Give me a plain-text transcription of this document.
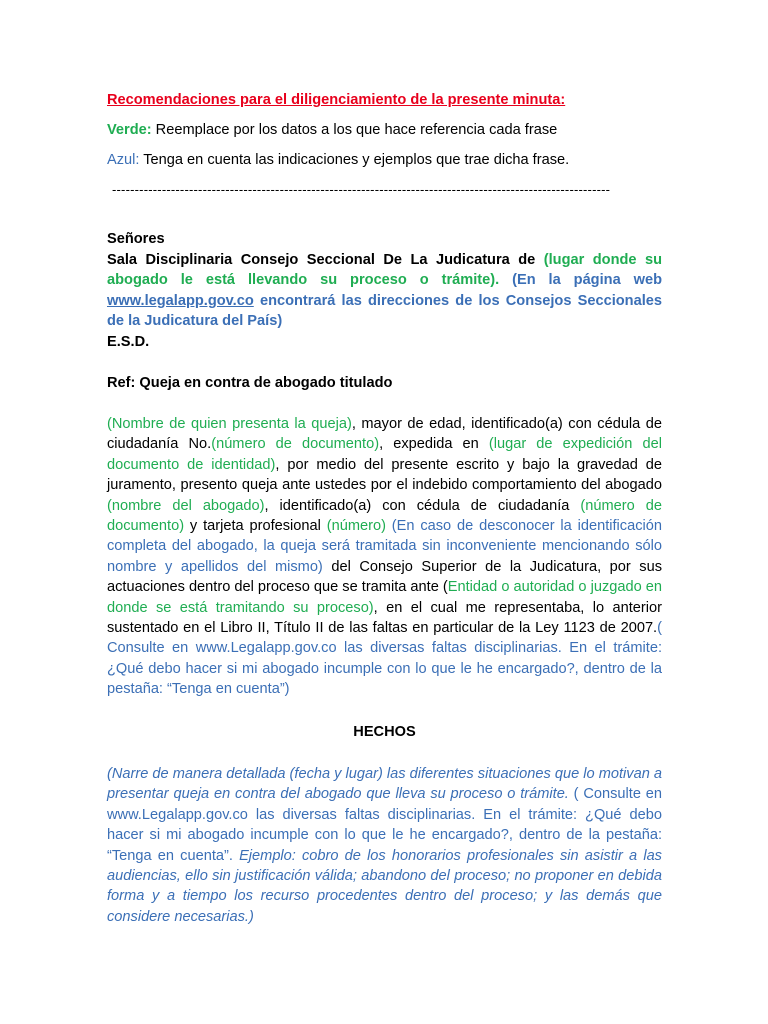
Recomendaciones para el diligenciamiento de la presente minuta:

Verde: Reemplace por los datos a los que hace referencia cada frase

Azul: Tenga en cuenta las indicaciones y ejemplos que trae dicha frase.

--------------------------------------------------------------------------------------------------------------
Señores
Sala Disciplinaria Consejo Seccional De La Judicatura de (lugar donde su abogado le está llevando su proceso o trámite). (En la página web www.legalapp.gov.co encontrará las direcciones de los Consejos Seccionales de la Judicatura del País)
E.S.D.
Ref: Queja en contra de abogado titulado
(Nombre de quien presenta la queja), mayor de edad, identificado(a) con cédula de ciudadanía No.(número de documento), expedida en (lugar de expedición del documento de identidad), por medio del presente escrito y bajo la gravedad de juramento, presento queja ante ustedes por el indebido comportamiento del abogado (nombre del abogado), identificado(a) con cédula de ciudadanía (número de documento) y tarjeta profesional (número) (En caso de desconocer la identificación completa del abogado, la queja será tramitada sin inconveniente mencionando sólo nombre y apellidos del mismo) del Consejo Superior de la Judicatura, por sus actuaciones dentro del proceso que se tramita ante (Entidad o autoridad o juzgado en donde se está tramitando su proceso), en el cual me representaba, lo anterior sustentado en el Libro II, Título II de las faltas en particular de la Ley 1123 de 2007.( Consulte en www.Legalapp.gov.co las diversas faltas disciplinarias. En el trámite: ¿Qué debo hacer si mi abogado incumple con lo que le he encargado?, dentro de la pestaña: “Tenga en cuenta”)
HECHOS
(Narre de manera detallada (fecha y lugar) las diferentes situaciones que lo motivan a presentar queja en contra del abogado que lleva su proceso o trámite. ( Consulte en www.Legalapp.gov.co las diversas faltas disciplinarias. En el trámite: ¿Qué debo hacer si mi abogado incumple con lo que le he encargado?, dentro de la pestaña: “Tenga en cuenta”. Ejemplo: cobro de los honorarios profesionales sin asistir a las audiencias, ello sin justificación válida; abandono del proceso; no proponer en debida forma y a tiempo los recurso procedentes dentro del proceso; y las demás que considere necesarias.)
